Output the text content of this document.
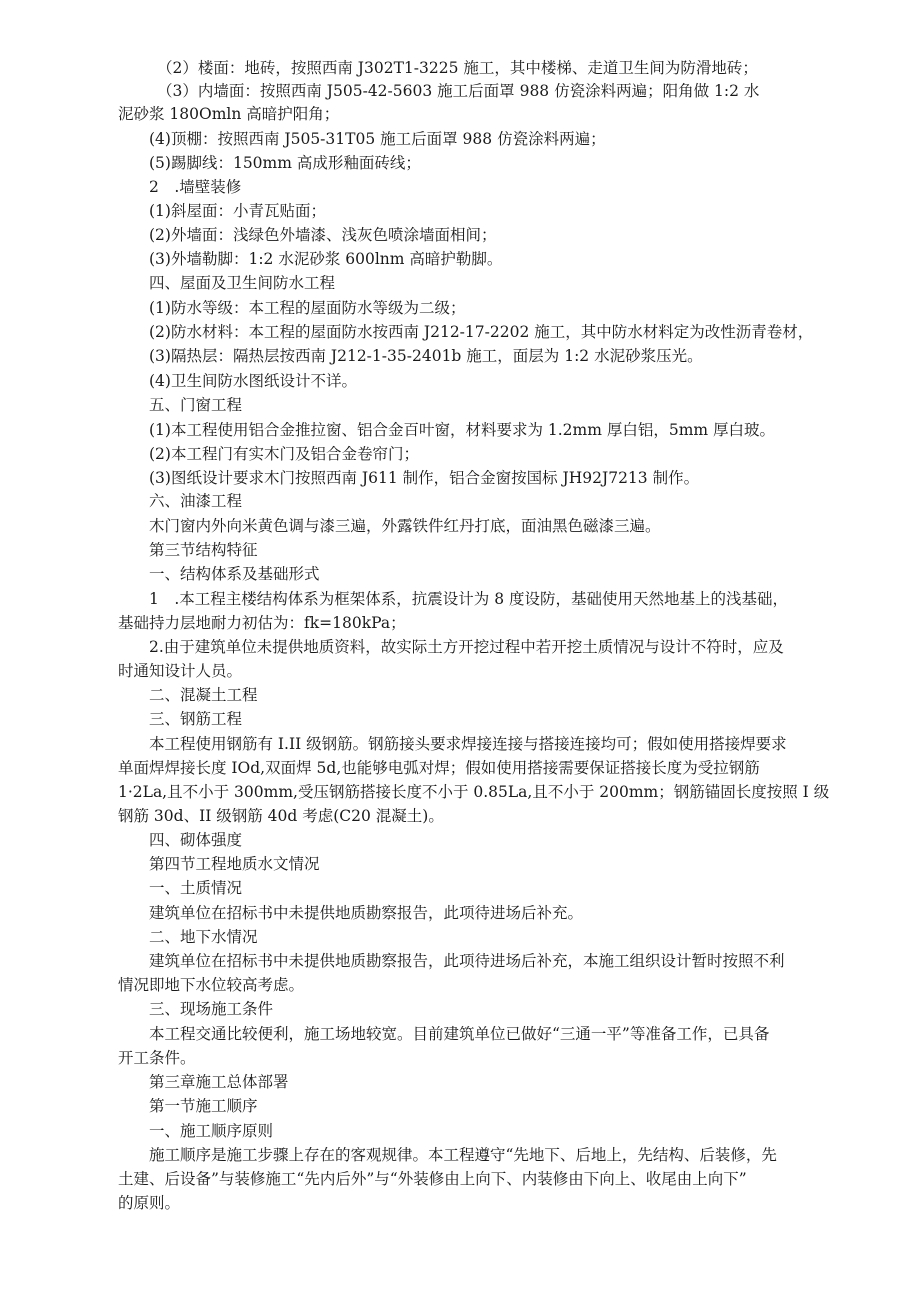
（2）楼面：地砖，按照西南 J302T1-3225 施工，其中楼梯、走道卫生间为防滑地砖；
（3）内墙面：按照西南 J505-42-5603 施工后面罩 988 仿瓷涂料两遍；阳角做 1:2 水
泥砂浆 180Omln 高暗护阳角；
(4)顶棚：按照西南 J505-31T05 施工后面罩 988 仿瓷涂料两遍；
(5)踢脚线：150mm 高成形釉面砖线；
2　.墙壁装修
(1)斜屋面：小青瓦贴面；
(2)外墙面：浅绿色外墙漆、浅灰色喷涂墙面相间；
(3)外墙勒脚：1:2 水泥砂浆 600lnm 高暗护勒脚。
四、屋面及卫生间防水工程
(1)防水等级：本工程的屋面防水等级为二级；
(2)防水材料：本工程的屋面防水按西南 J212-17-2202 施工，其中防水材料定为改性沥青卷材，
(3)隔热层：隔热层按西南 J212-1-35-2401b 施工，面层为 1:2 水泥砂浆压光。
(4)卫生间防水图纸设计不详。
五、门窗工程
(1)本工程使用铝合金推拉窗、铝合金百叶窗，材料要求为 1.2mm 厚白铝，5mm 厚白玻。
(2)本工程门有实木门及铝合金卷帘门；
(3)图纸设计要求木门按照西南 J611 制作，铝合金窗按国标 JH92J7213 制作。
六、油漆工程
木门窗内外向米黄色调与漆三遍，外露铁件红丹打底，面油黑色磁漆三遍。
第三节结构特征
一、结构体系及基础形式
1　.本工程主楼结构体系为框架体系，抗震设计为 8 度设防，基础使用天然地基上的浅基础，
基础持力层地耐力初估为：fk=180kPa；
2.由于建筑单位未提供地质资料，故实际土方开挖过程中若开挖土质情况与设计不符时，应及
时通知设计人员。
二、混凝土工程
三、钢筋工程
本工程使用钢筋有 I.II 级钢筋。钢筋接头要求焊接连接与搭接连接均可；假如使用搭接焊要求
单面焊焊接长度 IOd,双面焊 5d,也能够电弧对焊；假如使用搭接需要保证搭接长度为受拉钢筋
1·2La,且不小于 300mm,受压钢筋搭接长度不小于 0.85La,且不小于 200mm；钢筋锚固长度按照 I 级
钢筋 30d、II 级钢筋 40d 考虑(C20 混凝土)。
四、砌体强度
第四节工程地质水文情况
一、土质情况
建筑单位在招标书中未提供地质勘察报告，此项待进场后补充。
二、地下水情况
建筑单位在招标书中未提供地质勘察报告，此项待进场后补充，本施工组织设计暂时按照不利
情况即地下水位较高考虑。
三、现场施工条件
本工程交通比较便利，施工场地较宽。目前建筑单位已做好“三通一平”等准备工作，已具备
开工条件。
第三章施工总体部署
第一节施工顺序
一、施工顺序原则
施工顺序是施工步骤上存在的客观规律。本工程遵守“先地下、后地上，先结构、后装修，先
土建、后设备”与装修施工“先内后外”与“外装修由上向下、内装修由下向上、收尾由上向下”
的原则。
